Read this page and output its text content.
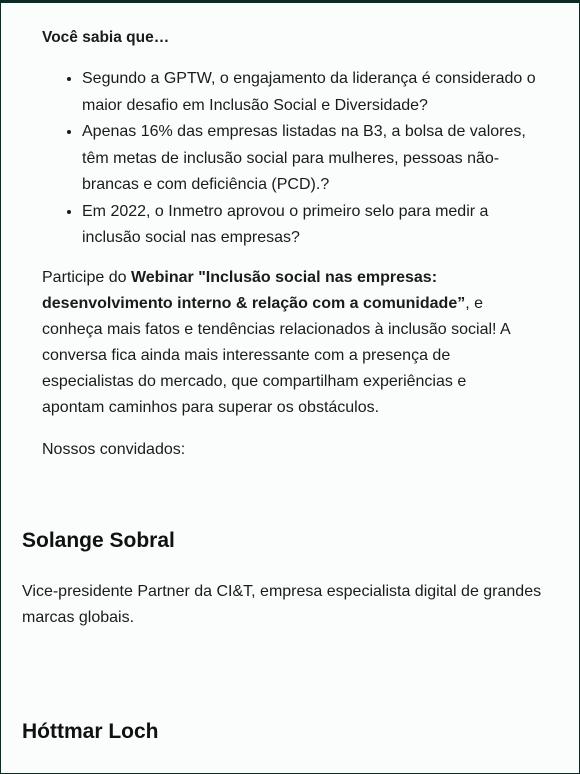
Você sabia que…
• Segundo a GPTW, o engajamento da liderança é considerado o maior desafio em Inclusão Social e Diversidade?
• Apenas 16% das empresas listadas na B3, a bolsa de valores, têm metas de inclusão social para mulheres, pessoas não-brancas e com deficiência (PCD).?
• Em 2022, o Inmetro aprovou o primeiro selo para medir a inclusão social nas empresas?

Participe do Webinar "Inclusão social nas empresas: desenvolvimento interno & relação com a comunidade”, e conheça mais fatos e tendências relacionados à inclusão social! A conversa fica ainda mais interessante com a presença de especialistas do mercado, que compartilham experiências e apontam caminhos para superar os obstáculos.

Nossos convidados:

Solange Sobral

Vice-presidente Partner da CI&T, empresa especialista digital de grandes marcas globais.

Hóttmar Loch
